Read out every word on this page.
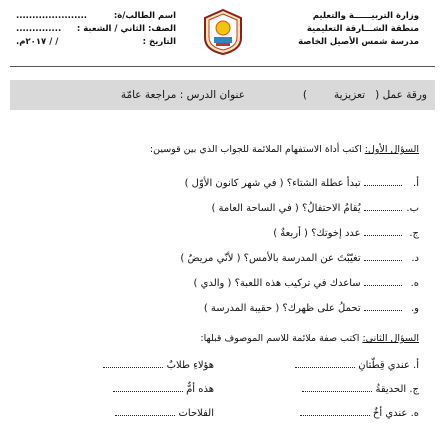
وزارة التربيــــــة والتعليم
منطقة الشـــارقة التعليمية
مدرسة شمس الأصيل الخاصة
اسم الطالب/ة:
......................
الصف: الثاني / الشعبة :
..............
التاريخ :
/ / ٢٠١٧م.
ورقة عمل (
تعزيزية
)
عنوان الدرس : مراجعة عامّة
السؤال الأول: اكتب أداة الاستفهام الملائمة للجواب الذي بين قوسين:
أ.  تبدأ عطلة الشتاء؟ ( في شهر كانون الأوّل )
ب.  يُقامُ الاحتفالُ؟ ( في الساحة العامة )
ج.  عدد إخوتك؟ ( أربعةٌ )
د.  تغيّبْتَ عن المدرسة بالأمس؟ ( لأنّي مريضٌ )
ه.  ساعدك في تركيب هذه اللعبة؟ ( والدي )
و.  تحملُ على ظهرك؟ ( حقيبة المدرسة )
السؤال الثاني: اكتب صفة ملائمة للاسم الموصوف قبلها:
أ. عندي قِطّتانِ
هؤلاءِ طلابٌ
ج. الحديقةُ
هذه أمٌّ
ه. عندي أخٌ
الفلاحات
